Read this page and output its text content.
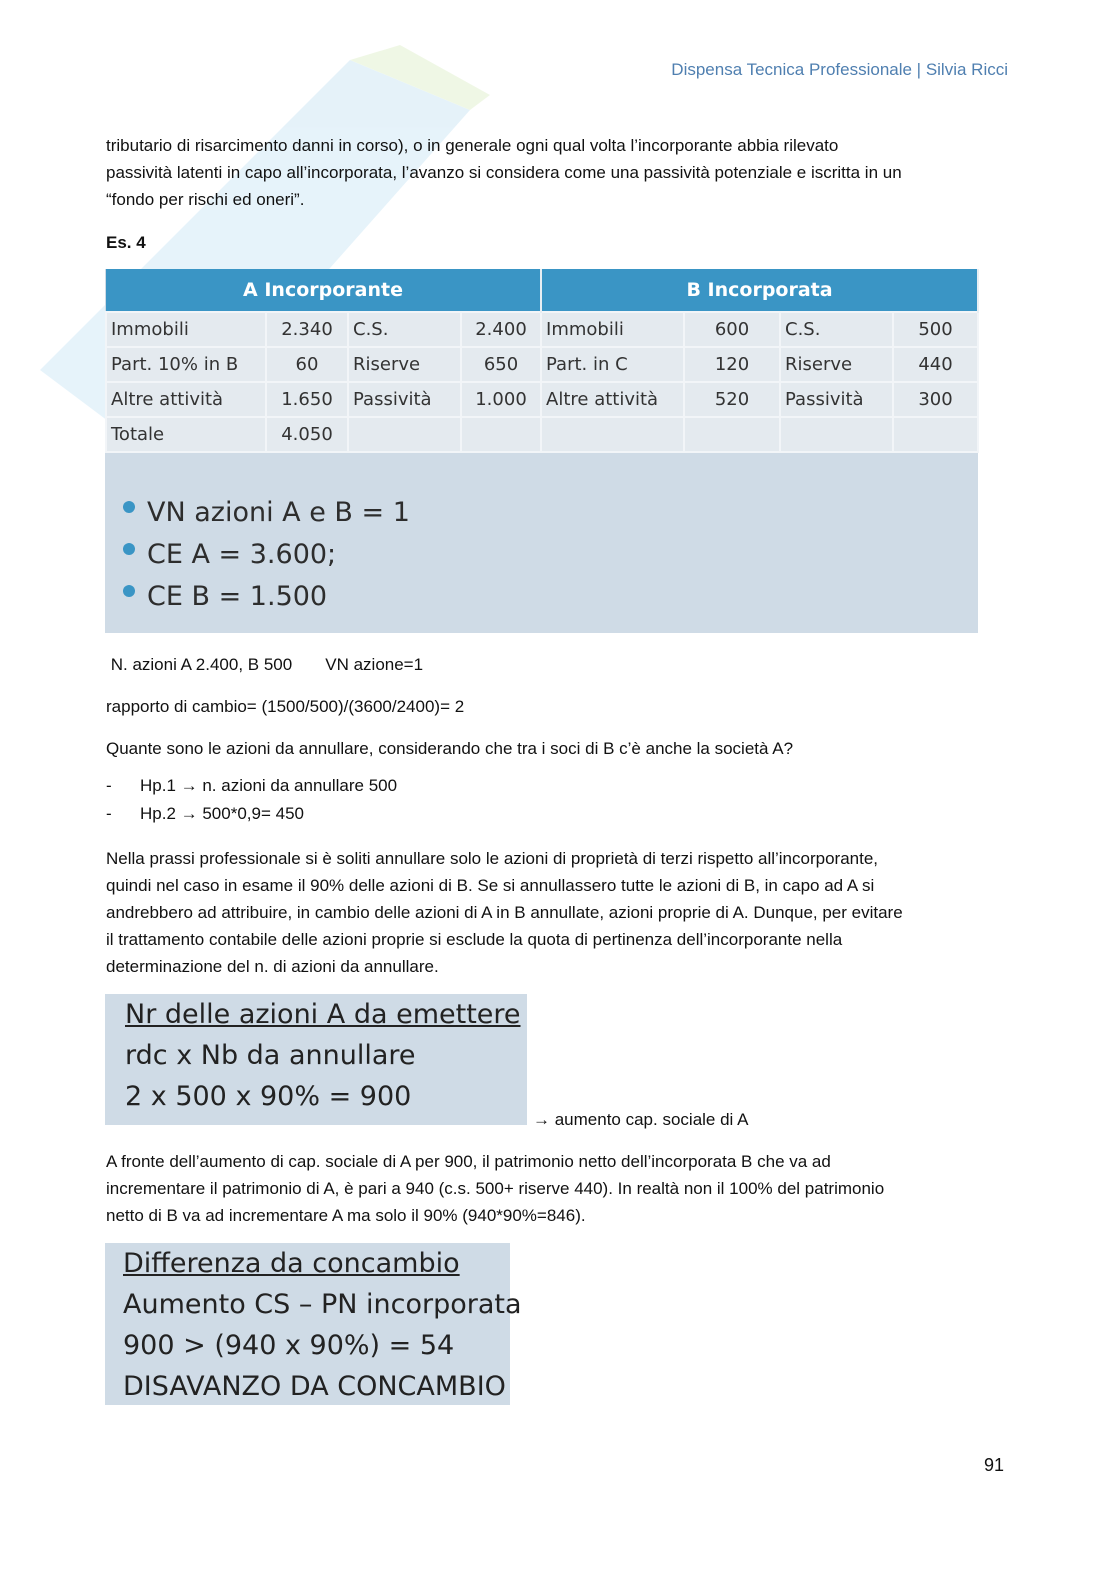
Dispensa Tecnica Professionale | Silvia Ricci
tributario di risarcimento danni in corso), o in generale ogni qual volta l’incorporante abbia rilevato
passività latenti in capo all’incorporata, l’avanzo si considera come una passività potenziale e iscritta in un
“fondo per rischi ed oneri”.
Es. 4
A Incorporante				B Incorporata			
Immobili	2.340	C.S.	2.400	Immobili	600	C.S.	500
Part. 10% in B	60	Riserve	650	Part. in C	120	Riserve	440
Altre attività	1.650	Passività	1.000	Altre attività	520	Passività	300
Totale	4.050						
VN azioni A e B = 1
CE A = 3.600;
CE B = 1.500
N. azioni A 2.400, B 500       VN azione=1
rapporto di cambio= (1500/500)/(3600/2400)= 2
Quante sono le azioni da annullare, considerando che tra i soci di B c’è anche la società A?
- Hp.1 → n. azioni da annullare 500
- Hp.2 → 500*0,9= 450
Nella prassi professionale si è soliti annullare solo le azioni di proprietà di terzi rispetto all’incorporante,
quindi nel caso in esame il 90% delle azioni di B. Se si annullassero tutte le azioni di B, in capo ad A si
andrebbero ad attribuire, in cambio delle azioni di A in B annullate, azioni proprie di A. Dunque, per evitare
il trattamento contabile delle azioni proprie si esclude la quota di pertinenza dell’incorporante nella
determinazione del n. di azioni da annullare.
Nr delle azioni A da emettere
rdc x Nb da annullare
2 x 500 x 90% = 900
→ aumento cap. sociale di A
A fronte dell’aumento di cap. sociale di A per 900, il patrimonio netto dell’incorporata B che va ad
incrementare il patrimonio di A, è pari a 940 (c.s. 500+ riserve 440). In realtà non il 100% del patrimonio
netto di B va ad incrementare A ma solo il 90% (940*90%=846).
Differenza da concambio
Aumento CS – PN incorporata
900 > (940 x 90%) = 54
DISAVANZO DA CONCAMBIO
91
